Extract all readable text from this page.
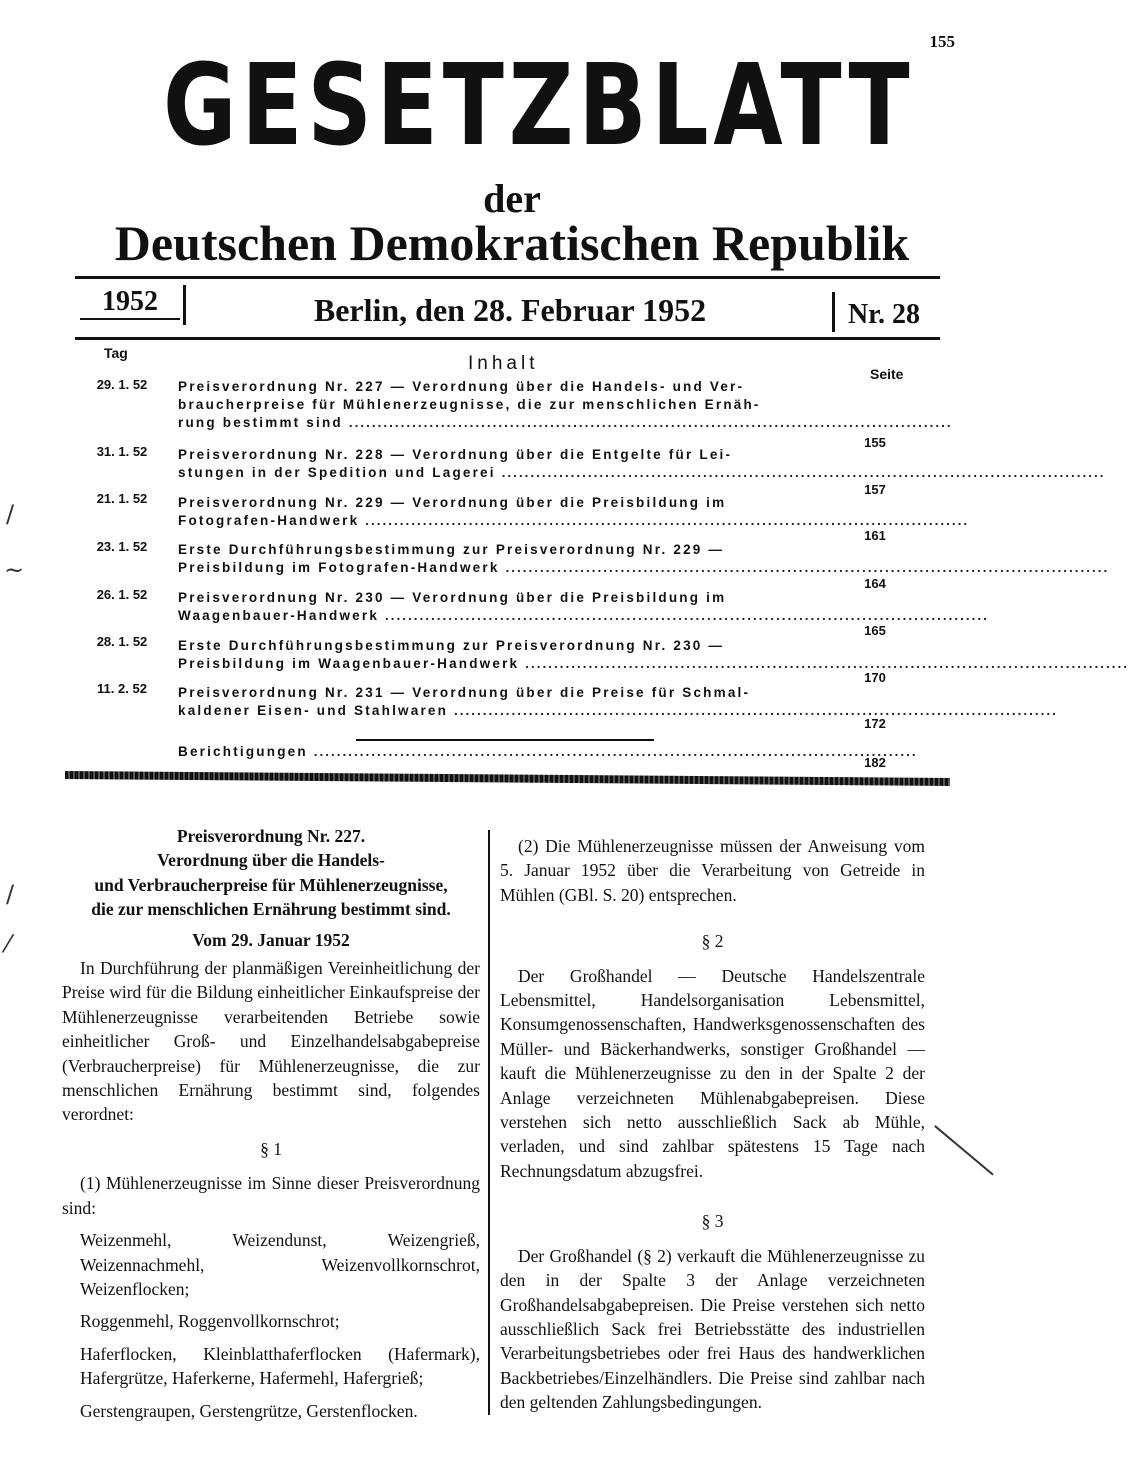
155
GESETZBLATT
der
Deutschen Demokratischen Republik
1952	Berlin, den 28. Februar 1952	Nr. 28
Tag	Inhalt	Seite
29. 1. 52	Preisverordnung Nr. 227 — Verordnung über die Handels- und Ver-
braucherpreise für Mühlenerzeugnisse, die zur menschlichen Ernäh-
rung bestimmt sind .........................................................................................................
155
31. 1. 52	Preisverordnung Nr. 228 — Verordnung über die Entgelte für Lei-
stungen in der Spedition und Lagerei .........................................................................................................
157
21. 1. 52	Preisverordnung Nr. 229 — Verordnung über die Preisbildung im
Fotografen-Handwerk .........................................................................................................
161
23. 1. 52	Erste Durchführungsbestimmung zur Preisverordnung Nr. 229 —
Preisbildung im Fotografen-Handwerk .........................................................................................................
164
26. 1. 52	Preisverordnung Nr. 230 — Verordnung über die Preisbildung im
Waagenbauer-Handwerk .........................................................................................................
165
28. 1. 52	Erste Durchführungsbestimmung zur Preisverordnung Nr. 230 —
Preisbildung im Waagenbauer-Handwerk .........................................................................................................
170
11. 2. 52	Preisverordnung Nr. 231 — Verordnung über die Preise für Schmal-
kaldener Eisen- und Stahlwaren .........................................................................................................
172
Berichtigungen .........................................................................................................
182

Preisverordnung Nr. 227.

Verordnung über die Handels-

und Verbraucherpreise für Mühlenerzeugnisse,

die zur menschlichen Ernährung bestimmt sind.

Vom 29. Januar 1952

In Durchführung der planmäßigen Vereinheitlichung der Preise wird für die Bildung einheitlicher Einkaufspreise der Mühlenerzeugnisse verarbeitenden Betriebe sowie einheitlicher Groß- und Einzelhandelsabgabepreise (Verbraucherpreise) für Mühlenerzeugnisse, die zur menschlichen Ernährung bestimmt sind, folgendes verordnet:

§ 1

(1) Mühlenerzeugnisse im Sinne dieser Preisverordnung sind:

Weizenmehl, Weizendunst, Weizengrieß, Weizennachmehl, Weizenvollkornschrot, Weizenflocken;

Roggenmehl, Roggenvollkornschrot;

Haferflocken, Kleinblatthaferflocken (Hafermark), Hafergrütze, Haferkerne, Hafermehl, Hafergrieß;

Gerstengraupen, Gerstengrütze, Gerstenflocken.

(2) Die Mühlenerzeugnisse müssen der Anweisung vom 5. Januar 1952 über die Verarbeitung von Getreide in Mühlen (GBl. S. 20) entsprechen.

§ 2

Der Großhandel — Deutsche Handelszentrale Lebensmittel, Handelsorganisation Lebensmittel, Konsumgenossenschaften, Handwerksgenossenschaften des Müller- und Bäckerhandwerks, sonstiger Großhandel — kauft die Mühlenerzeugnisse zu den in der Spalte 2 der Anlage verzeichneten Mühlenabgabepreisen. Diese verstehen sich netto ausschließlich Sack ab Mühle, verladen, und sind zahlbar spätestens 15 Tage nach Rechnungsdatum abzugsfrei.

§ 3

Der Großhandel (§ 2) verkauft die Mühlenerzeugnisse zu den in der Spalte 3 der Anlage verzeichneten Großhandelsabgabepreisen. Die Preise verstehen sich netto ausschließlich Sack frei Betriebsstätte des industriellen Verarbeitungsbetriebes oder frei Haus des handwerklichen Backbetriebes/Einzelhändlers. Die Preise sind zahlbar nach den geltenden Zahlungsbedingungen.

/
~
/
⁄
